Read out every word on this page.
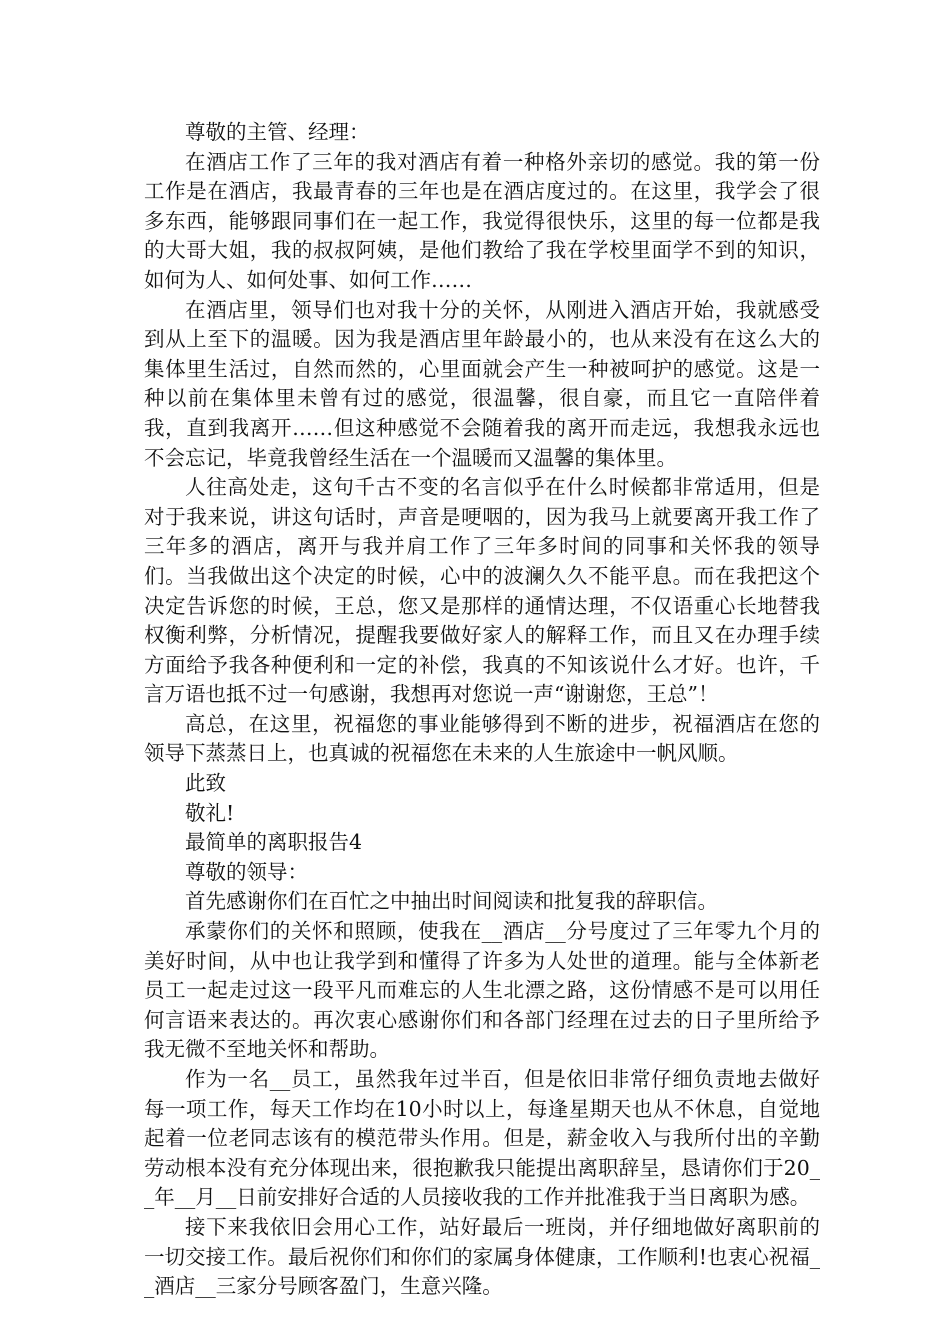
尊敬的主管、经理：

在酒店工作了三年的我对酒店有着一种格外亲切的感觉。我的第一份工作是在酒店，我最青春的三年也是在酒店度过的。在这里，我学会了很多东西，能够跟同事们在一起工作，我觉得很快乐，这里的每一位都是我的大哥大姐，我的叔叔阿姨，是他们教给了我在学校里面学不到的知识，如何为人、如何处事、如何工作……

在酒店里，领导们也对我十分的关怀，从刚进入酒店开始，我就感受到从上至下的温暖。因为我是酒店里年龄最小的，也从来没有在这么大的集体里生活过，自然而然的，心里面就会产生一种被呵护的感觉。这是一种以前在集体里未曾有过的感觉，很温馨，很自豪，而且它一直陪伴着我，直到我离开……但这种感觉不会随着我的离开而走远，我想我永远也不会忘记，毕竟我曾经生活在一个温暖而又温馨的集体里。

人往高处走，这句千古不变的名言似乎在什么时候都非常适用，但是对于我来说，讲这句话时，声音是哽咽的，因为我马上就要离开我工作了三年多的酒店，离开与我并肩工作了三年多时间的同事和关怀我的领导们。当我做出这个决定的时候，心中的波澜久久不能平息。而在我把这个决定告诉您的时候，王总，您又是那样的通情达理，不仅语重心长地替我权衡利弊，分析情况，提醒我要做好家人的解释工作，而且又在办理手续方面给予我各种便利和一定的补偿，我真的不知该说什么才好。也许，千言万语也抵不过一句感谢，我想再对您说一声“谢谢您，王总”！

高总，在这里，祝福您的事业能够得到不断的进步，祝福酒店在您的领导下蒸蒸日上，也真诚的祝福您在未来的人生旅途中一帆风顺。

此致

敬礼!

最简单的离职报告4

尊敬的领导：

首先感谢你们在百忙之中抽出时间阅读和批复我的辞职信。

承蒙你们的关怀和照顾，使我在__酒店__分号度过了三年零九个月的美好时间，从中也让我学到和懂得了许多为人处世的道理。能与全体新老员工一起走过这一段平凡而难忘的人生北漂之路，这份情感不是可以用任何言语来表达的。再次衷心感谢你们和各部门经理在过去的日子里所给予我无微不至地关怀和帮助。

作为一名__员工，虽然我年过半百，但是依旧非常仔细负责地去做好每一项工作，每天工作均在10小时以上，每逢星期天也从不休息，自觉地起着一位老同志该有的模范带头作用。但是，薪金收入与我所付出的辛勤劳动根本没有充分体现出来，很抱歉我只能提出离职辞呈，恳请你们于20__年__月__日前安排好合适的人员接收我的工作并批准我于当日离职为感。

接下来我依旧会用心工作，站好最后一班岗，并仔细地做好离职前的一切交接工作。最后祝你们和你们的家属身体健康，工作顺利!也衷心祝福__酒店__三家分号顾客盈门，生意兴隆。
